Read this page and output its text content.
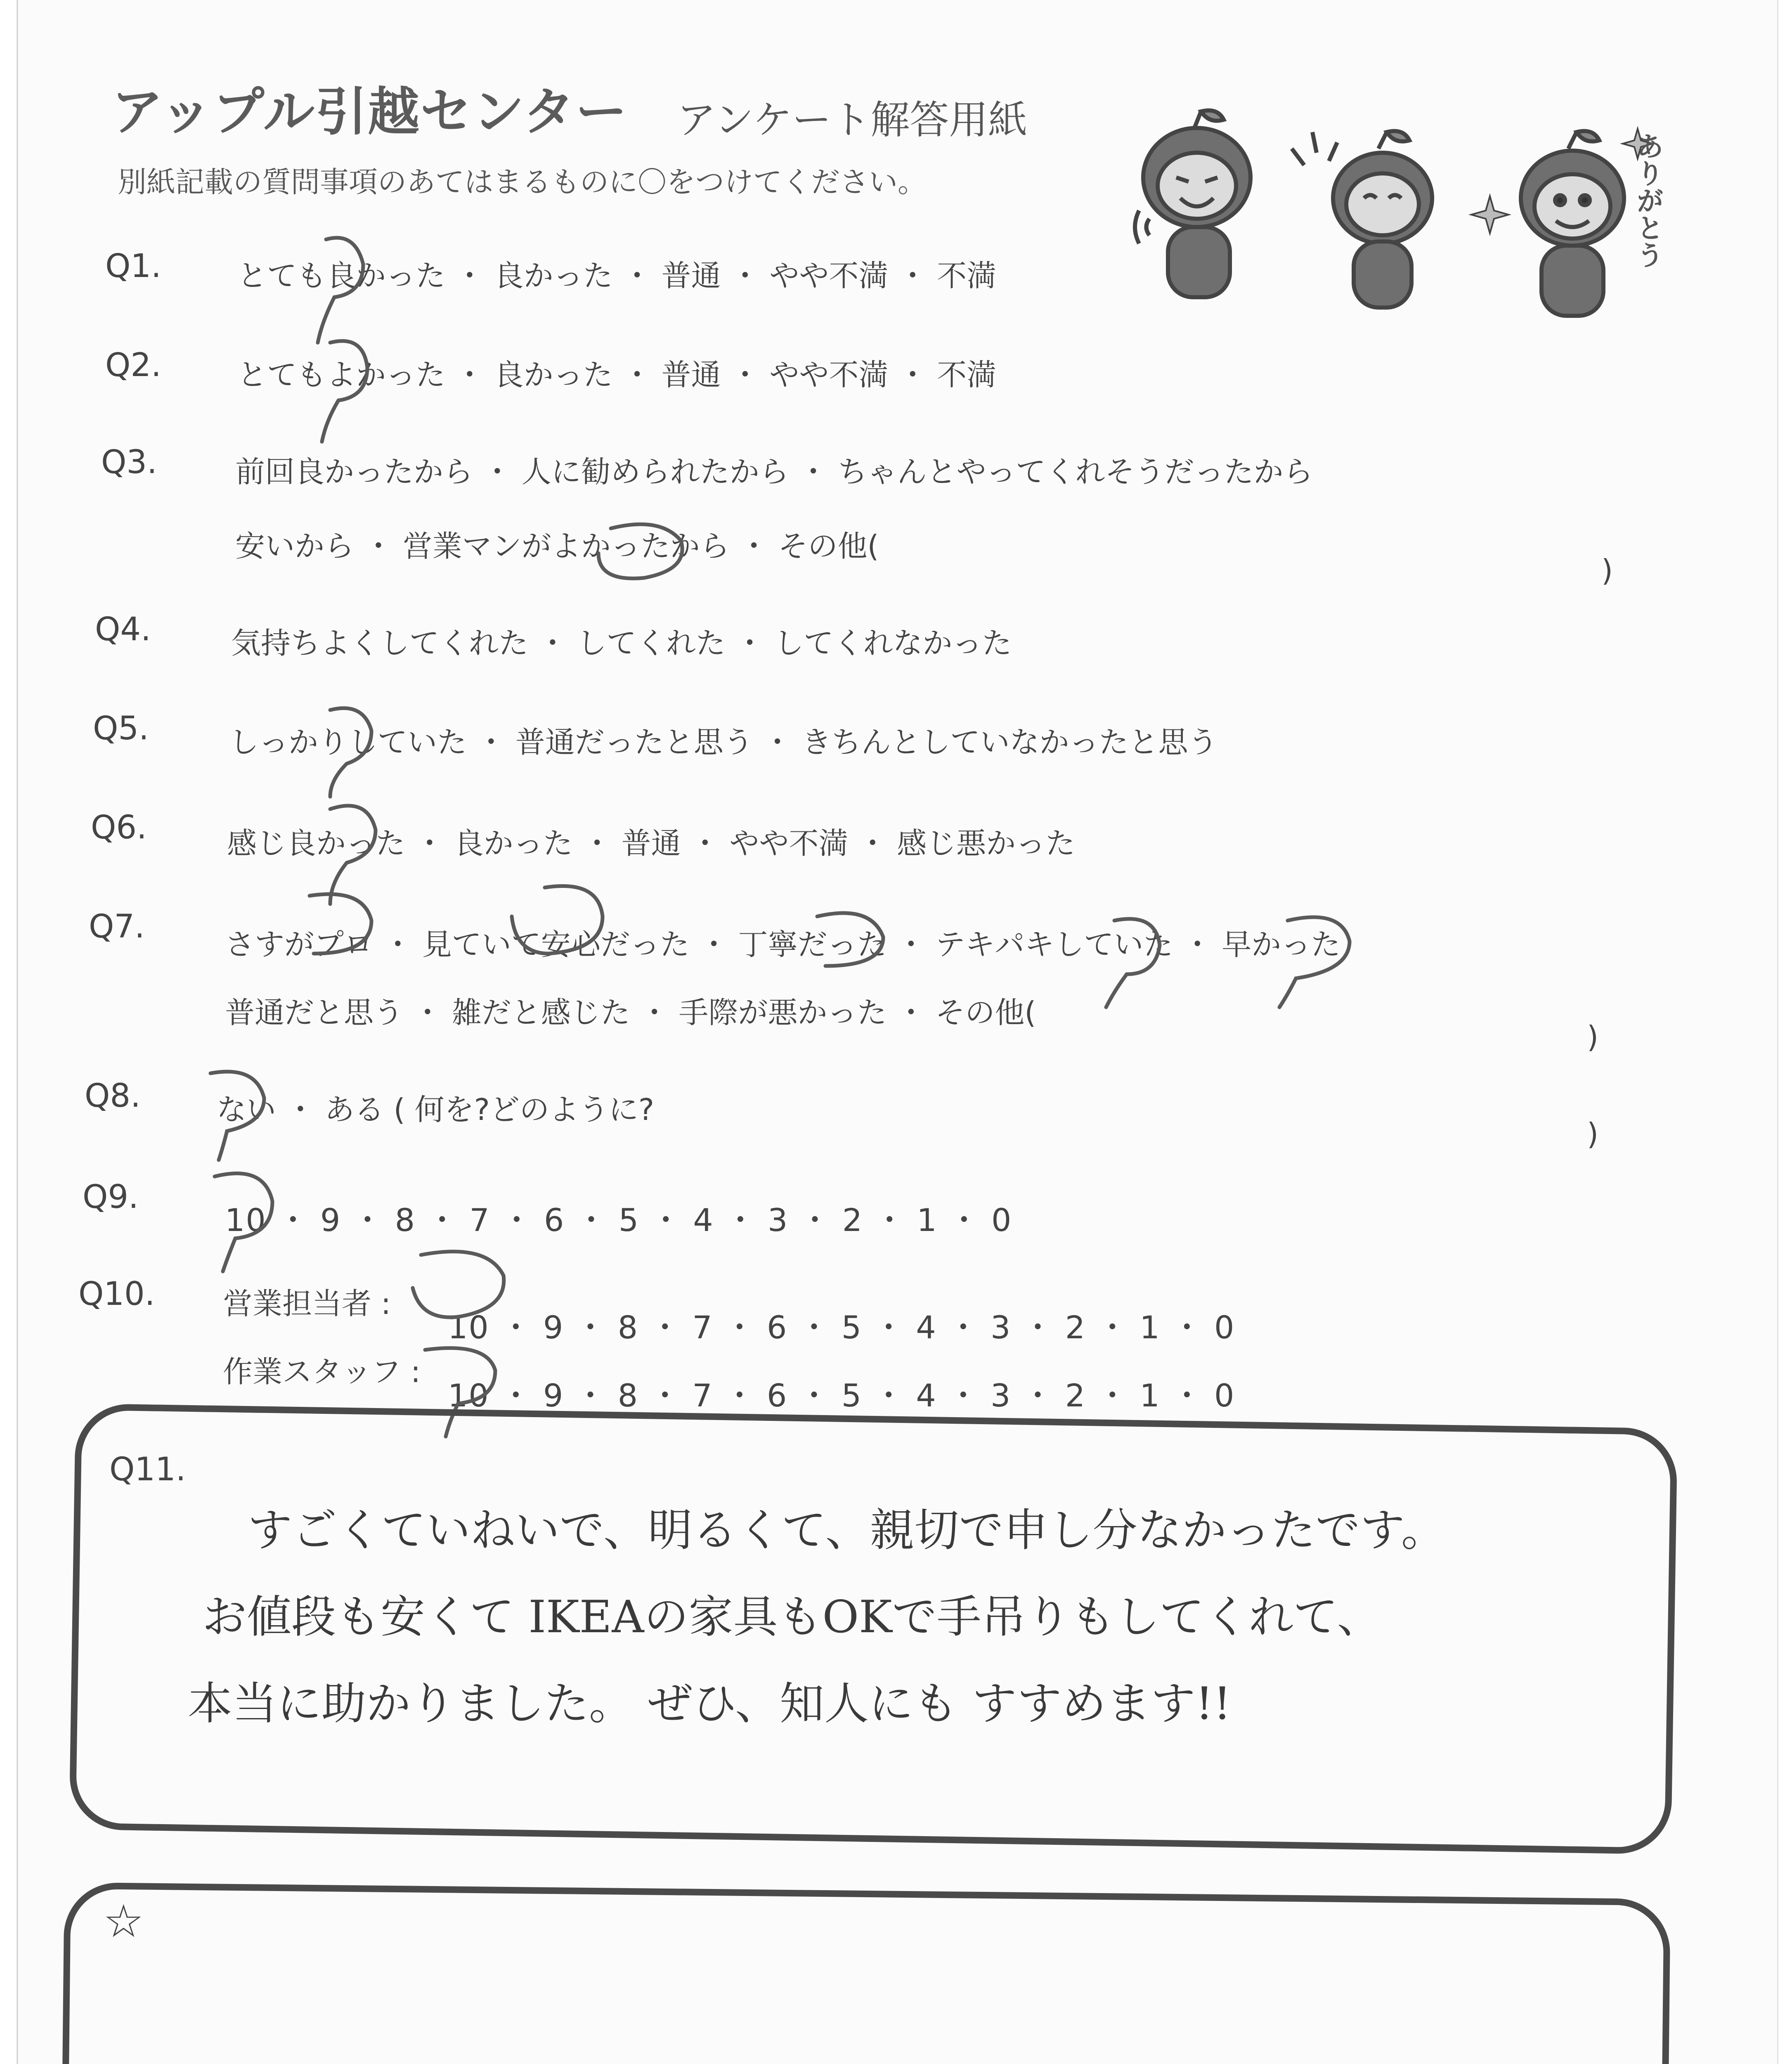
アップル引越センター アンケート解答用紙
別紙記載の質問事項のあてはまるものに〇をつけてください。	ありがとう
Q1.	とても良かった ・ 良かった ・ 普通 ・ やや不満 ・ 不満
Q2.	とてもよかった ・ 良かった ・ 普通 ・ やや不満 ・ 不満
Q3.	前回良かったから ・ 人に勧められたから ・ ちゃんとやってくれそうだったから
安いから ・ 営業マンがよかったから ・ その他(
)
Q4.	気持ちよくしてくれた ・ してくれた ・ してくれなかった
Q5.	しっかりしていた ・ 普通だったと思う ・ きちんとしていなかったと思う
Q6.	感じ良かった ・ 良かった ・ 普通 ・ やや不満 ・ 感じ悪かった
Q7.	さすがプロ ・ 見ていて安心だった ・ 丁寧だった ・ テキパキしていた ・ 早かった
普通だと思う ・ 雑だと感じた ・ 手際が悪かった ・ その他(
)
Q8.	ない ・ ある ( 何を?どのように?
)
Q9.
10 ・ 9 ・ 8 ・ 7 ・ 6 ・ 5 ・ 4 ・ 3 ・ 2 ・ 1 ・ 0
Q10. 営業担当者 :
10 ・ 9 ・ 8 ・ 7 ・ 6 ・ 5 ・ 4 ・ 3 ・ 2 ・ 1 ・ 0
作業スタッフ :
10 ・ 9 ・ 8 ・ 7 ・ 6 ・ 5 ・ 4 ・ 3 ・ 2 ・ 1 ・ 0
Q11.
すごくていねいで、明るくて、親切で申し分なかったです。
お値段も安くて IKEAの家具もOKで手吊りもしてくれて、
本当に助かりました。 ぜひ、知人にも すすめます!!
☆
